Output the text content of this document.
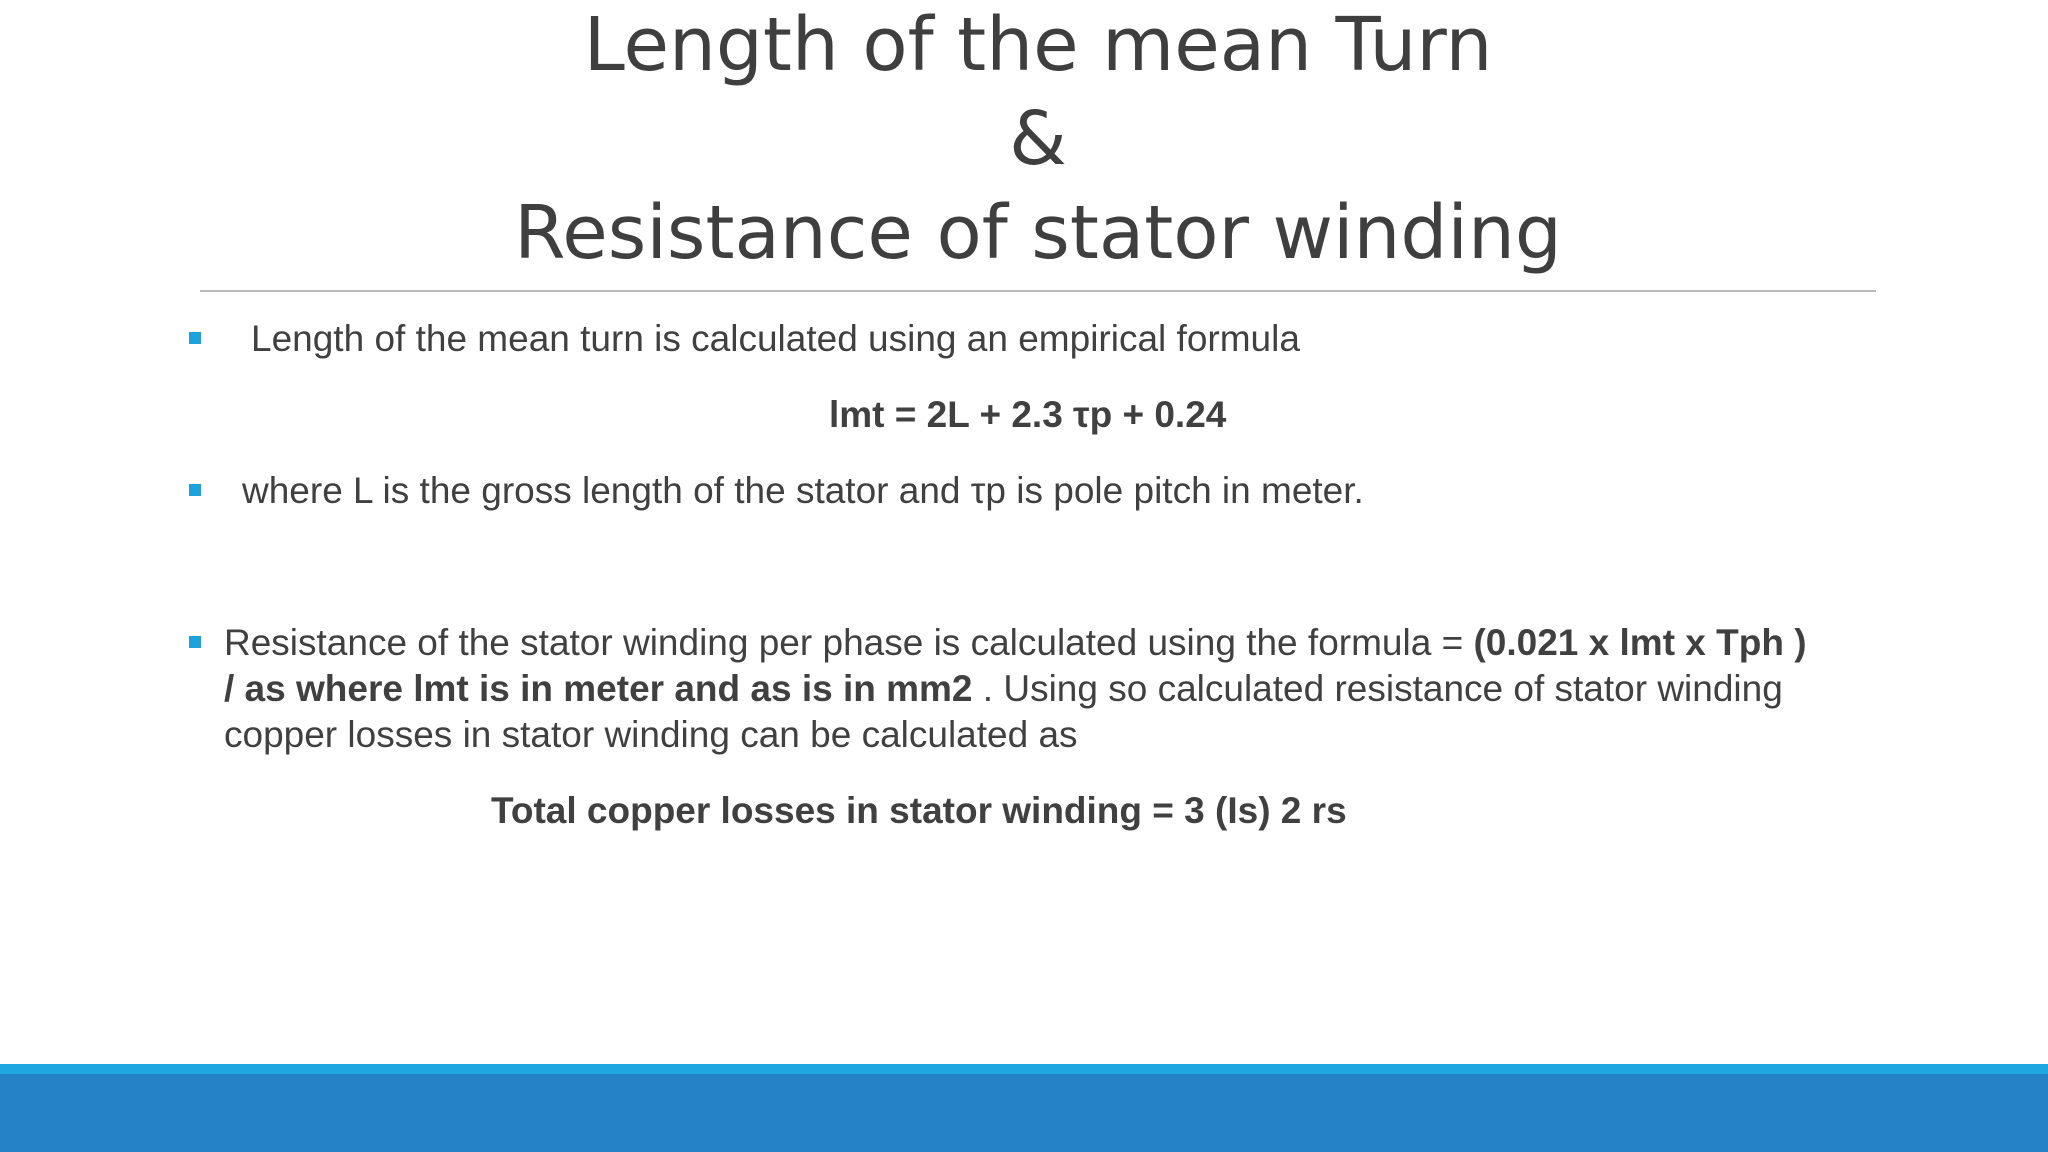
Length of the mean Turn
&
Resistance of stator winding
Length of the mean turn is calculated using an empirical formula
lmt = 2L + 2.3 τp + 0.24
where L is the gross length of the stator and τp is pole pitch in meter.
Resistance of the stator winding per phase is calculated using the formula = (0.021 x lmt x Tph )
/ as where lmt is in meter and as is in mm2 . Using so calculated resistance of stator winding
copper losses in stator winding can be calculated as
Total copper losses in stator winding = 3 (Is) 2 rs
